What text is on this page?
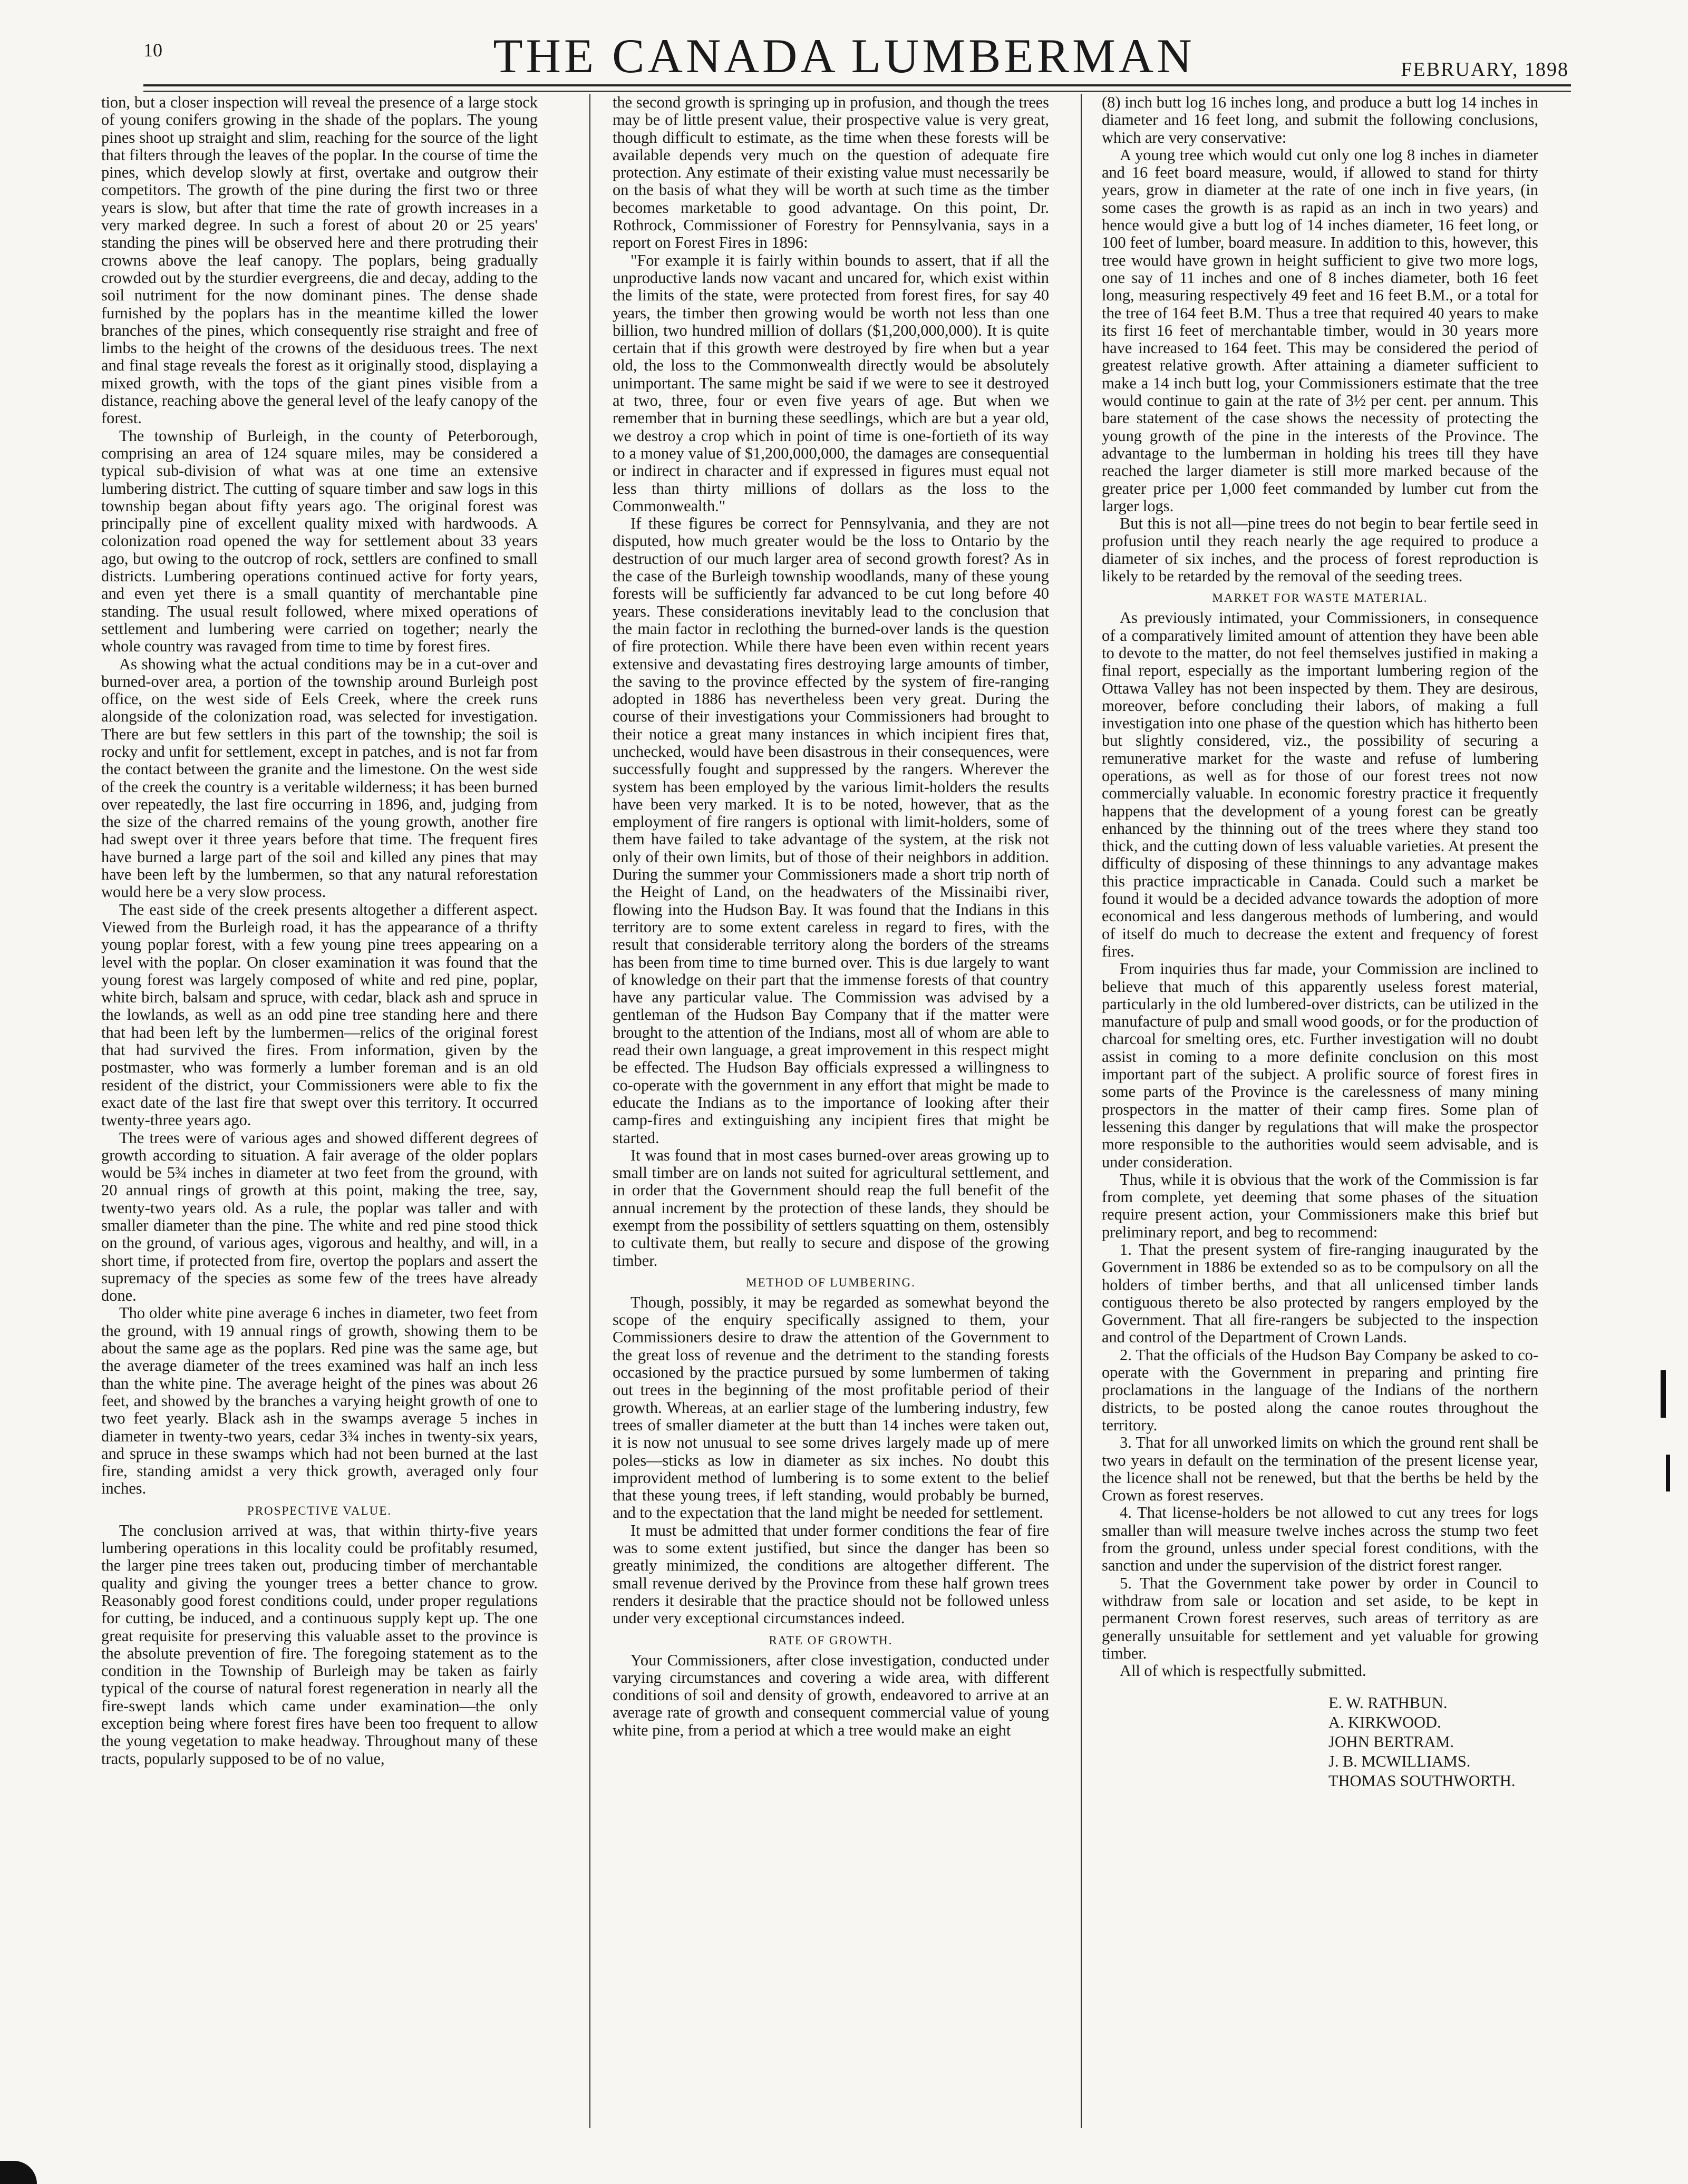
10	THE CANADA LUMBERMAN	FEBRUARY, 1898

tion, but a closer inspection will reveal the presence of a large stock of young conifers growing in the shade of the poplars. The young pines shoot up straight and slim, reaching for the source of the light that filters through the leaves of the poplar. In the course of time the pines, which develop slowly at first, overtake and outgrow their competitors. The growth of the pine during the first two or three years is slow, but after that time the rate of growth increases in a very marked degree. In such a forest of about 20 or 25 years' standing the pines will be observed here and there protruding their crowns above the leaf canopy. The poplars, being gradually crowded out by the sturdier evergreens, die and decay, adding to the soil nutriment for the now dominant pines. The dense shade furnished by the poplars has in the meantime killed the lower branches of the pines, which consequently rise straight and free of limbs to the height of the crowns of the desiduous trees. The next and final stage reveals the forest as it originally stood, displaying a mixed growth, with the tops of the giant pines visible from a distance, reaching above the general level of the leafy canopy of the forest.

The township of Burleigh, in the county of Peterborough, comprising an area of 124 square miles, may be considered a typical sub-division of what was at one time an extensive lumbering district. The cutting of square timber and saw logs in this township began about fifty years ago. The original forest was principally pine of excellent quality mixed with hardwoods. A colonization road opened the way for settlement about 33 years ago, but owing to the outcrop of rock, settlers are confined to small districts. Lumbering operations continued active for forty years, and even yet there is a small quantity of merchantable pine standing. The usual result followed, where mixed operations of settlement and lumbering were carried on together; nearly the whole country was ravaged from time to time by forest fires.

As showing what the actual conditions may be in a cut-over and burned-over area, a portion of the township around Burleigh post office, on the west side of Eels Creek, where the creek runs alongside of the colonization road, was selected for investigation. There are but few settlers in this part of the township; the soil is rocky and unfit for settlement, except in patches, and is not far from the contact between the granite and the limestone. On the west side of the creek the country is a veritable wilderness; it has been burned over repeatedly, the last fire occurring in 1896, and, judging from the size of the charred remains of the young growth, another fire had swept over it three years before that time. The frequent fires have burned a large part of the soil and killed any pines that may have been left by the lumbermen, so that any natural reforestation would here be a very slow process.

The east side of the creek presents altogether a different aspect. Viewed from the Burleigh road, it has the appearance of a thrifty young poplar forest, with a few young pine trees appearing on a level with the poplar. On closer examination it was found that the young forest was largely composed of white and red pine, poplar, white birch, balsam and spruce, with cedar, black ash and spruce in the lowlands, as well as an odd pine tree standing here and there that had been left by the lumbermen—relics of the original forest that had survived the fires. From information, given by the postmaster, who was formerly a lumber foreman and is an old resident of the district, your Commissioners were able to fix the exact date of the last fire that swept over this territory. It occurred twenty-three years ago.

The trees were of various ages and showed different degrees of growth according to situation. A fair average of the older poplars would be 5¾ inches in diameter at two feet from the ground, with 20 annual rings of growth at this point, making the tree, say, twenty-two years old. As a rule, the poplar was taller and with smaller diameter than the pine. The white and red pine stood thick on the ground, of various ages, vigorous and healthy, and will, in a short time, if protected from fire, overtop the poplars and assert the supremacy of the species as some few of the trees have already done.

Tho older white pine average 6 inches in diameter, two feet from the ground, with 19 annual rings of growth, showing them to be about the same age as the poplars. Red pine was the same age, but the average diameter of the trees examined was half an inch less than the white pine. The average height of the pines was about 26 feet, and showed by the branches a varying height growth of one to two feet yearly. Black ash in the swamps average 5 inches in diameter in twenty-two years, cedar 3¾ inches in twenty-six years, and spruce in these swamps which had not been burned at the last fire, standing amidst a very thick growth, averaged only four inches.

PROSPECTIVE VALUE.

The conclusion arrived at was, that within thirty-five years lumbering operations in this locality could be profitably resumed, the larger pine trees taken out, producing timber of merchantable quality and giving the younger trees a better chance to grow. Reasonably good forest conditions could, under proper regulations for cutting, be induced, and a continuous supply kept up. The one great requisite for preserving this valuable asset to the province is the absolute prevention of fire. The foregoing statement as to the condition in the Township of Burleigh may be taken as fairly typical of the course of natural forest regeneration in nearly all the fire-swept lands which came under examination—the only exception being where forest fires have been too frequent to allow the young vegetation to make headway. Throughout many of these tracts, popularly supposed to be of no value,

the second growth is springing up in profusion, and though the trees may be of little present value, their prospective value is very great, though difficult to estimate, as the time when these forests will be available depends very much on the question of adequate fire protection. Any estimate of their existing value must necessarily be on the basis of what they will be worth at such time as the timber becomes marketable to good advantage. On this point, Dr. Rothrock, Commissioner of Forestry for Pennsylvania, says in a report on Forest Fires in 1896:

"For example it is fairly within bounds to assert, that if all the unproductive lands now vacant and uncared for, which exist within the limits of the state, were protected from forest fires, for say 40 years, the timber then growing would be worth not less than one billion, two hundred million of dollars ($1,200,000,000). It is quite certain that if this growth were destroyed by fire when but a year old, the loss to the Commonwealth directly would be absolutely unimportant. The same might be said if we were to see it destroyed at two, three, four or even five years of age. But when we remember that in burning these seedlings, which are but a year old, we destroy a crop which in point of time is one-fortieth of its way to a money value of $1,200,000,000, the damages are consequential or indirect in character and if expressed in figures must equal not less than thirty millions of dollars as the loss to the Commonwealth."

If these figures be correct for Pennsylvania, and they are not disputed, how much greater would be the loss to Ontario by the destruction of our much larger area of second growth forest? As in the case of the Burleigh township woodlands, many of these young forests will be sufficiently far advanced to be cut long before 40 years. These considerations inevitably lead to the conclusion that the main factor in reclothing the burned-over lands is the question of fire protection. While there have been even within recent years extensive and devastating fires destroying large amounts of timber, the saving to the province effected by the system of fire-ranging adopted in 1886 has nevertheless been very great. During the course of their investigations your Commissioners had brought to their notice a great many instances in which incipient fires that, unchecked, would have been disastrous in their consequences, were successfully fought and suppressed by the rangers. Wherever the system has been employed by the various limit-holders the results have been very marked. It is to be noted, however, that as the employment of fire rangers is optional with limit-holders, some of them have failed to take advantage of the system, at the risk not only of their own limits, but of those of their neighbors in addition. During the summer your Commissioners made a short trip north of the Height of Land, on the headwaters of the Missinaibi river, flowing into the Hudson Bay. It was found that the Indians in this territory are to some extent careless in regard to fires, with the result that considerable territory along the borders of the streams has been from time to time burned over. This is due largely to want of knowledge on their part that the immense forests of that country have any particular value. The Commission was advised by a gentleman of the Hudson Bay Company that if the matter were brought to the attention of the Indians, most all of whom are able to read their own language, a great improvement in this respect might be effected. The Hudson Bay officials expressed a willingness to co-operate with the government in any effort that might be made to educate the Indians as to the importance of looking after their camp-fires and extinguishing any incipient fires that might be started.

It was found that in most cases burned-over areas growing up to small timber are on lands not suited for agricultural settlement, and in order that the Government should reap the full benefit of the annual increment by the protection of these lands, they should be exempt from the possibility of settlers squatting on them, ostensibly to cultivate them, but really to secure and dispose of the growing timber.

METHOD OF LUMBERING.

Though, possibly, it may be regarded as somewhat beyond the scope of the enquiry specifically assigned to them, your Commissioners desire to draw the attention of the Government to the great loss of revenue and the detriment to the standing forests occasioned by the practice pursued by some lumbermen of taking out trees in the beginning of the most profitable period of their growth. Whereas, at an earlier stage of the lumbering industry, few trees of smaller diameter at the butt than 14 inches were taken out, it is now not unusual to see some drives largely made up of mere poles—sticks as low in diameter as six inches. No doubt this improvident method of lumbering is to some extent to the belief that these young trees, if left standing, would probably be burned, and to the expectation that the land might be needed for settlement.

It must be admitted that under former conditions the fear of fire was to some extent justified, but since the danger has been so greatly minimized, the conditions are altogether different. The small revenue derived by the Province from these half grown trees renders it desirable that the practice should not be followed unless under very exceptional circumstances indeed.

RATE OF GROWTH.

Your Commissioners, after close investigation, conducted under varying circumstances and covering a wide area, with different conditions of soil and density of growth, endeavored to arrive at an average rate of growth and consequent commercial value of young white pine, from a period at which a tree would make an eight

(8) inch butt log 16 inches long, and produce a butt log 14 inches in diameter and 16 feet long, and submit the following conclusions, which are very conservative:

A young tree which would cut only one log 8 inches in diameter and 16 feet board measure, would, if allowed to stand for thirty years, grow in diameter at the rate of one inch in five years, (in some cases the growth is as rapid as an inch in two years) and hence would give a butt log of 14 inches diameter, 16 feet long, or 100 feet of lumber, board measure. In addition to this, however, this tree would have grown in height sufficient to give two more logs, one say of 11 inches and one of 8 inches diameter, both 16 feet long, measuring respectively 49 feet and 16 feet B.M., or a total for the tree of 164 feet B.M. Thus a tree that required 40 years to make its first 16 feet of merchantable timber, would in 30 years more have increased to 164 feet. This may be considered the period of greatest relative growth. After attaining a diameter sufficient to make a 14 inch butt log, your Commissioners estimate that the tree would continue to gain at the rate of 3½ per cent. per annum. This bare statement of the case shows the necessity of protecting the young growth of the pine in the interests of the Province. The advantage to the lumberman in holding his trees till they have reached the larger diameter is still more marked because of the greater price per 1,000 feet commanded by lumber cut from the larger logs.

But this is not all—pine trees do not begin to bear fertile seed in profusion until they reach nearly the age required to produce a diameter of six inches, and the process of forest reproduction is likely to be retarded by the removal of the seeding trees.

MARKET FOR WASTE MATERIAL.

As previously intimated, your Commissioners, in consequence of a comparatively limited amount of attention they have been able to devote to the matter, do not feel themselves justified in making a final report, especially as the important lumbering region of the Ottawa Valley has not been inspected by them. They are desirous, moreover, before concluding their labors, of making a full investigation into one phase of the question which has hitherto been but slightly considered, viz., the possibility of securing a remunerative market for the waste and refuse of lumbering operations, as well as for those of our forest trees not now commercially valuable. In economic forestry practice it frequently happens that the development of a young forest can be greatly enhanced by the thinning out of the trees where they stand too thick, and the cutting down of less valuable varieties. At present the difficulty of disposing of these thinnings to any advantage makes this practice impracticable in Canada. Could such a market be found it would be a decided advance towards the adoption of more economical and less dangerous methods of lumbering, and would of itself do much to decrease the extent and frequency of forest fires.

From inquiries thus far made, your Commission are inclined to believe that much of this apparently useless forest material, particularly in the old lumbered-over districts, can be utilized in the manufacture of pulp and small wood goods, or for the production of charcoal for smelting ores, etc. Further investigation will no doubt assist in coming to a more definite conclusion on this most important part of the subject. A prolific source of forest fires in some parts of the Province is the carelessness of many mining prospectors in the matter of their camp fires. Some plan of lessening this danger by regulations that will make the prospector more responsible to the authorities would seem advisable, and is under consideration.

Thus, while it is obvious that the work of the Commission is far from complete, yet deeming that some phases of the situation require present action, your Commissioners make this brief but preliminary report, and beg to recommend:

1. That the present system of fire-ranging inaugurated by the Government in 1886 be extended so as to be compulsory on all the holders of timber berths, and that all unlicensed timber lands contiguous thereto be also protected by rangers employed by the Government. That all fire-rangers be subjected to the inspection and control of the Department of Crown Lands.

2. That the officials of the Hudson Bay Company be asked to co-operate with the Government in preparing and printing fire proclamations in the language of the Indians of the northern districts, to be posted along the canoe routes throughout the territory.

3. That for all unworked limits on which the ground rent shall be two years in default on the termination of the present license year, the licence shall not be renewed, but that the berths be held by the Crown as forest reserves.

4. That license-holders be not allowed to cut any trees for logs smaller than will measure twelve inches across the stump two feet from the ground, unless under special forest conditions, with the sanction and under the supervision of the district forest ranger.

5. That the Government take power by order in Council to withdraw from sale or location and set aside, to be kept in permanent Crown forest reserves, such areas of territory as are generally unsuitable for settlement and yet valuable for growing timber.

All of which is respectfully submitted.

E. W. RATHBUN.
A. KIRKWOOD.
JOHN BERTRAM.
J. B. MCWILLIAMS.
THOMAS SOUTHWORTH.
